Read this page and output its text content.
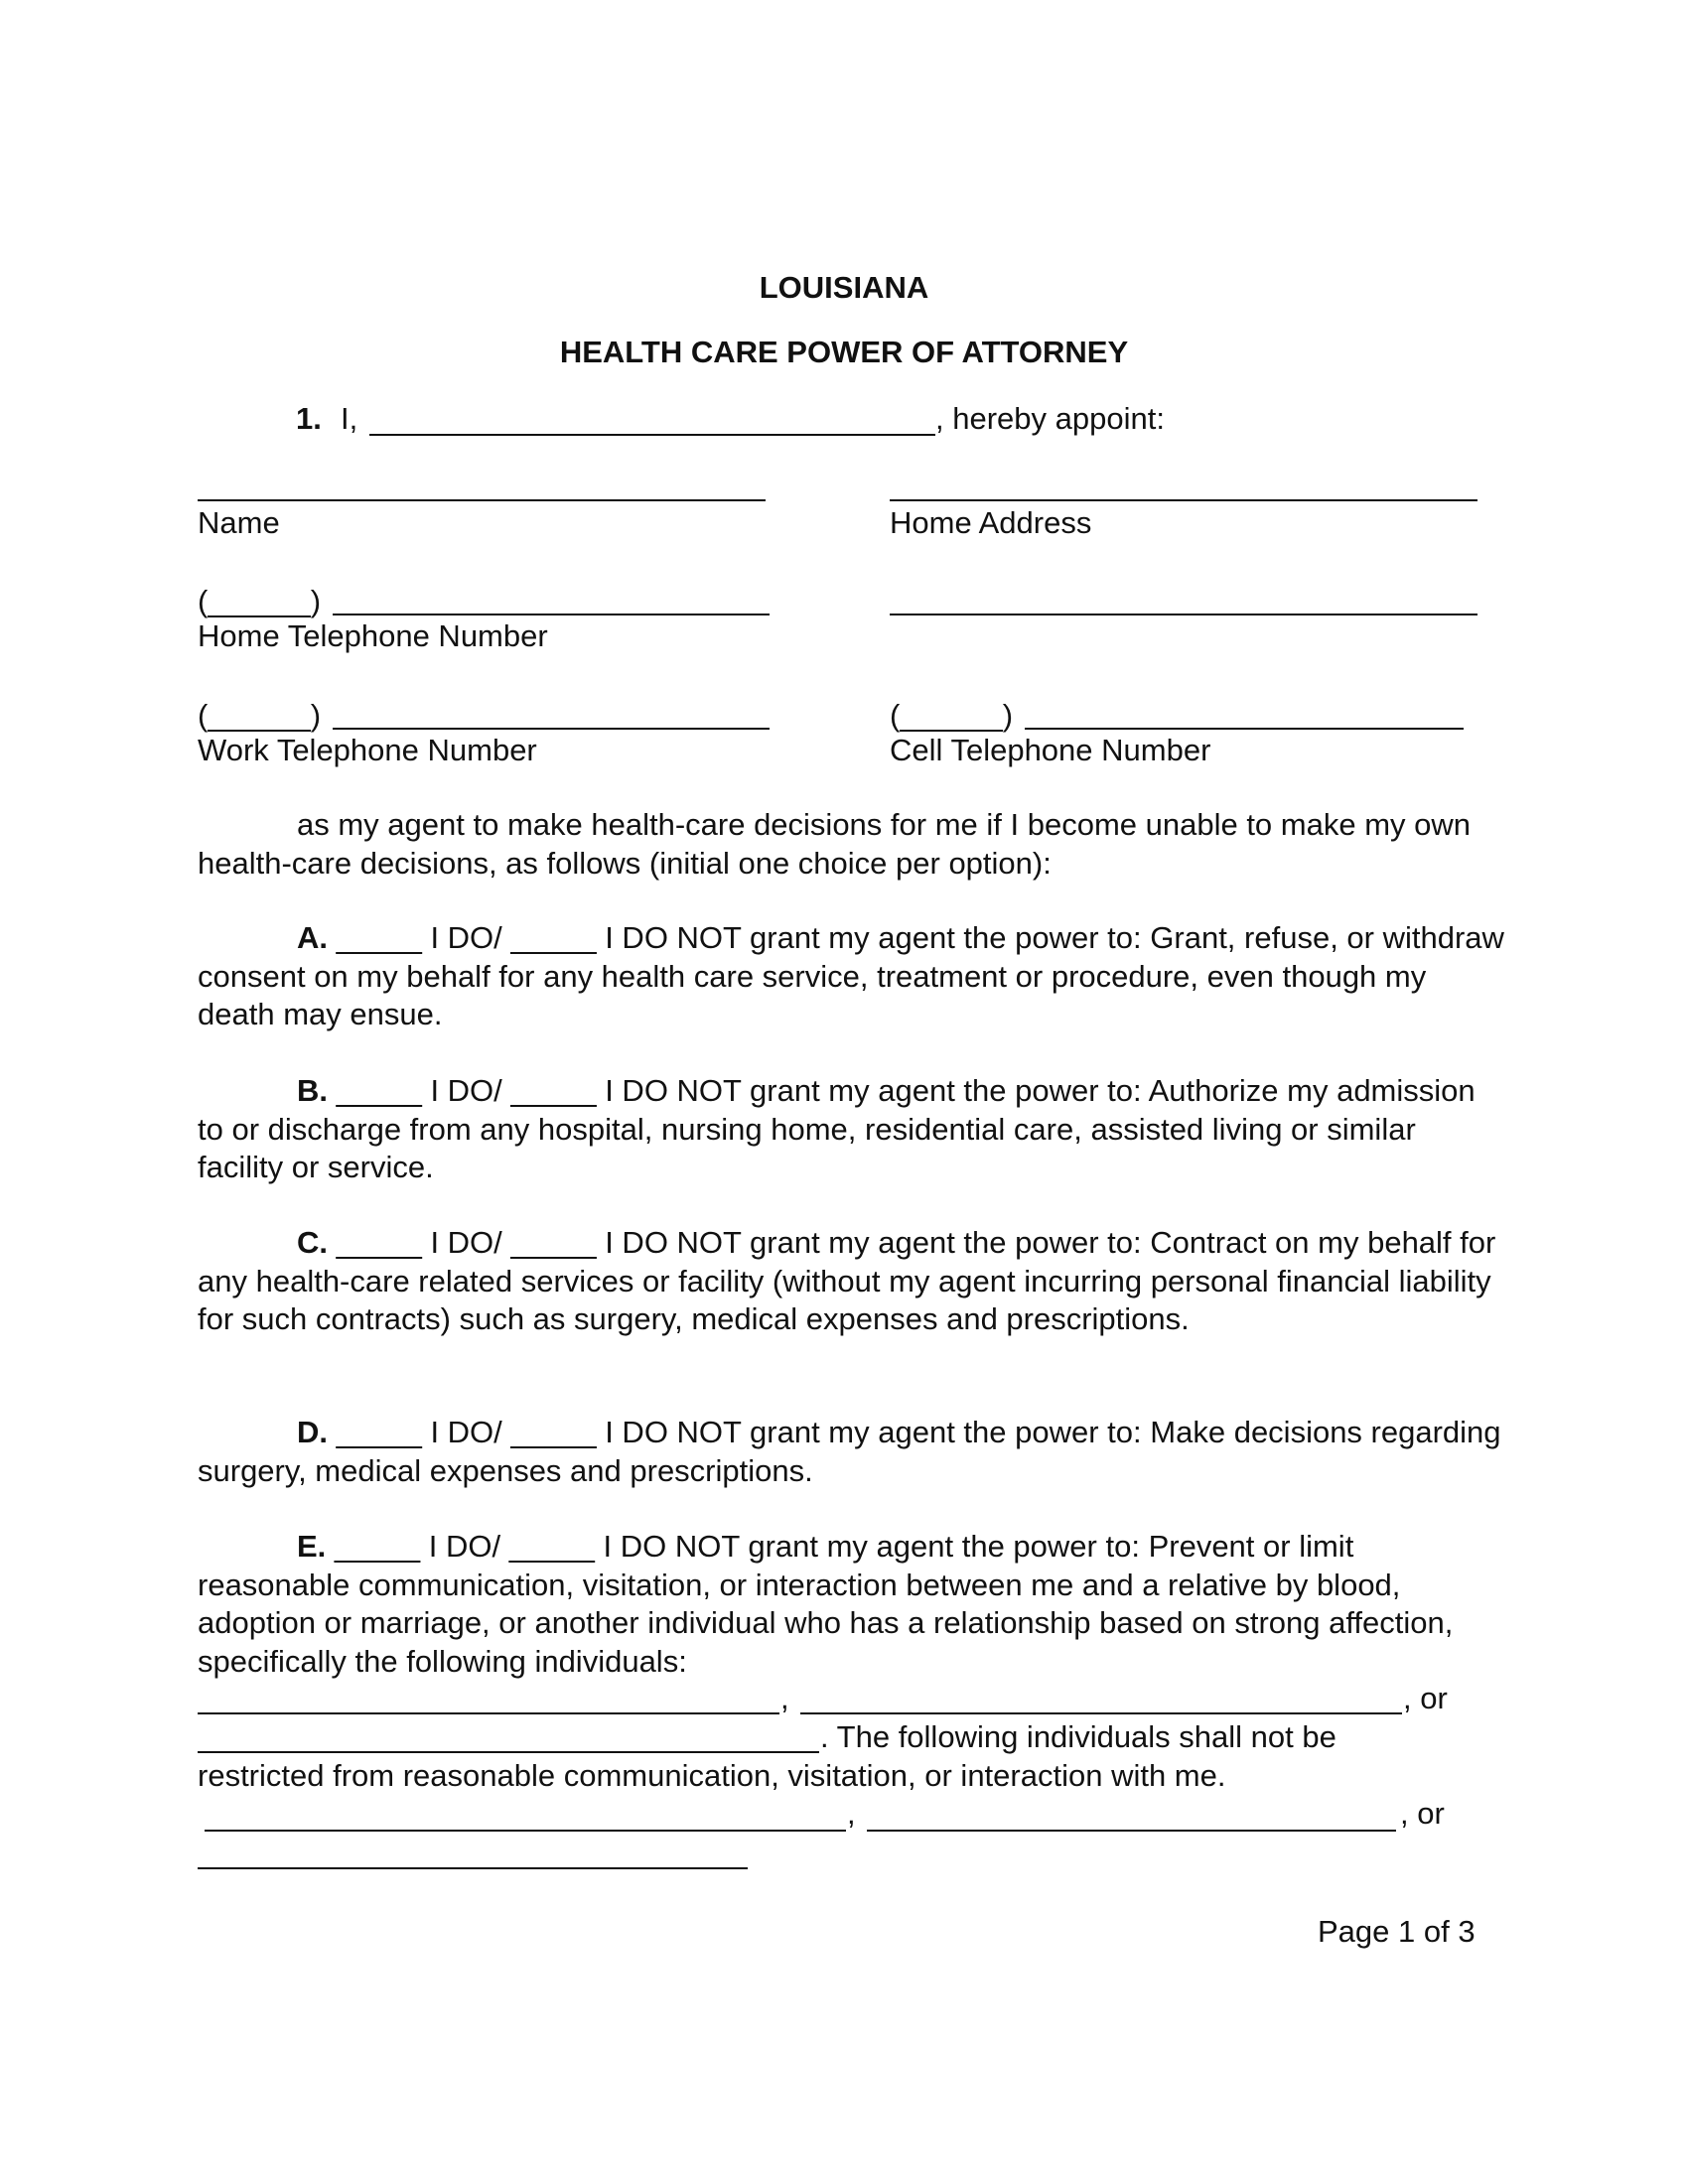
LOUISIANA
HEALTH CARE POWER OF ATTORNEY
1. I,	, hereby appoint:
Name	Home Address
(______)
Home Telephone Number
(______)	(______)
Work Telephone Number	Cell Telephone Number
as my agent to make health-care decisions for me if I become unable to make my own health-care decisions, as follows (initial one choice per option):
A. _____ I DO/ _____ I DO NOT grant my agent the power to: Grant, refuse, or withdraw consent on my behalf for any health care service, treatment or procedure, even though my death may ensue.
B. _____ I DO/ _____ I DO NOT grant my agent the power to: Authorize my admission to or discharge from any hospital, nursing home, residential care, assisted living or similar facility or service.
C. _____ I DO/ _____ I DO NOT grant my agent the power to: Contract on my behalf for any health-care related services or facility (without my agent incurring personal financial liability for such contracts) such as surgery, medical expenses and prescriptions.
D. _____ I DO/ _____ I DO NOT grant my agent the power to: Make decisions regarding surgery, medical expenses and prescriptions.
E. _____ I DO/ _____ I DO NOT grant my agent the power to: Prevent or limit reasonable communication, visitation, or interaction between me and a relative by blood, adoption or marriage, or another individual who has a relationship based on strong affection, specifically the following individuals:
,	, or
. The following individuals shall not be
restricted from reasonable communication, visitation, or interaction with me.
,	, or
Page 1 of 3
